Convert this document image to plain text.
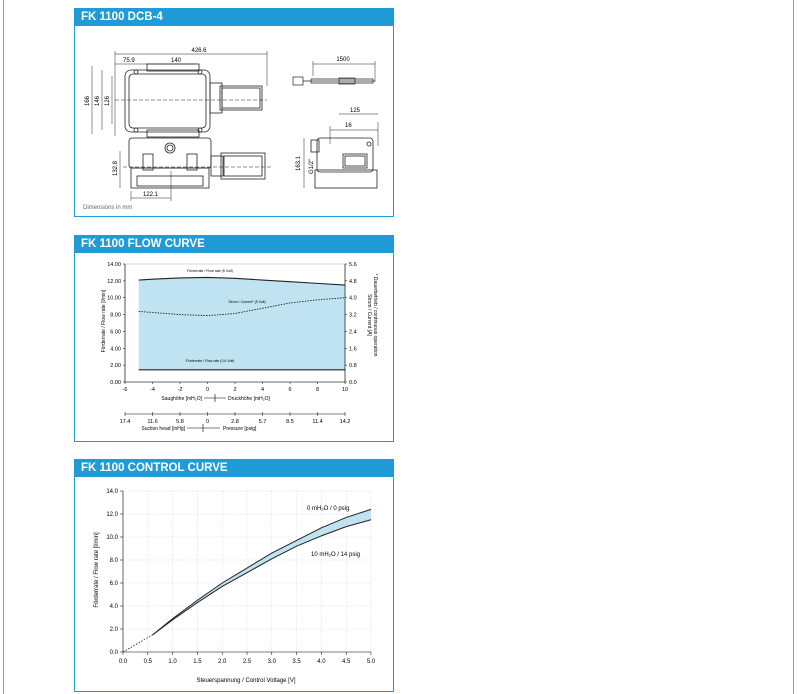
FK 1100 DCB-4
426.6
75.9	140
166 146 126
132.8
122.1
1500
125
16
163.1 G1/2"
Dimensions in mm
FK 1100 FLOW CURVE
Förderrate / Flow rate (5 Volt)
Strom / Current* (5 Volt)
Förderrate / Flow rate (0.6 Volt)
Förderrate / Flow rate [l/min]	Strom / Current [A] * Dauerbetrieb / continuous operation
Saughöhe [mH₂O]	Druckhöhe [mH₂O]
Suction head [inHg]	Pressure [psig]
0.00
2.00
4.00
6.00
8.00
10.00
12.00
14.00
0.0
0.8
1.6
2.4
3.2
4.0
4.8
5.6
-6	-4	-2	0	2	4	6	8	10
17.4	11.6	5.8	0	2.8	5.7	8.5	11.4	14.2
FK 1100 CONTROL CURVE
0 mH₂O / 0 psig
10 mH₂O / 14 psig
Förderrate / Flow rate [l/min]
Steuerspannung / Control Voltage [V]
0.0
2.0
4.0
6.0
8.0
10.0
12.0
14.0
0.0	0.5	1.0	1.5	2.0	2.5	3.0	3.5	4.0	4.5	5.0
